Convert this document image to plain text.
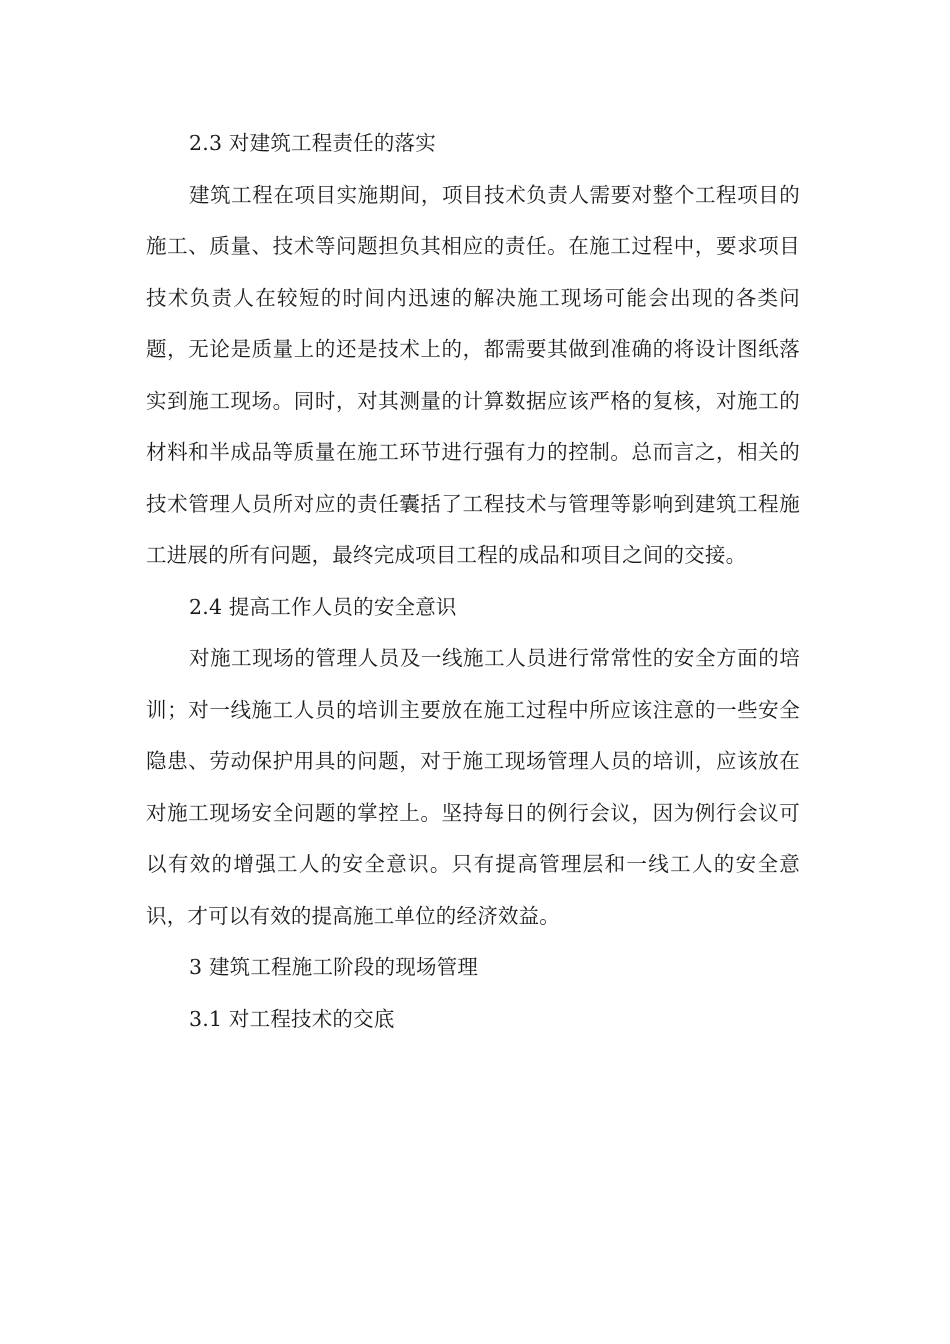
2.3 对建筑工程责任的落实

建筑工程在项目实施期间，项目技术负责人需要对整个工程项目的施工、质量、技术等问题担负其相应的责任。在施工过程中，要求项目技术负责人在较短的时间内迅速的解决施工现场可能会出现的各类问题，无论是质量上的还是技术上的，都需要其做到准确的将设计图纸落实到施工现场。同时，对其测量的计算数据应该严格的复核，对施工的材料和半成品等质量在施工环节进行强有力的控制。总而言之，相关的技术管理人员所对应的责任囊括了工程技术与管理等影响到建筑工程施工进展的所有问题，最终完成项目工程的成品和项目之间的交接。

2.4 提高工作人员的安全意识

对施工现场的管理人员及一线施工人员进行常常性的安全方面的培训；对一线施工人员的培训主要放在施工过程中所应该注意的一些安全隐患、劳动保护用具的问题，对于施工现场管理人员的培训，应该放在对施工现场安全问题的掌控上。坚持每日的例行会议，因为例行会议可以有效的增强工人的安全意识。只有提高管理层和一线工人的安全意识，才可以有效的提高施工单位的经济效益。

3 建筑工程施工阶段的现场管理

3.1 对工程技术的交底
